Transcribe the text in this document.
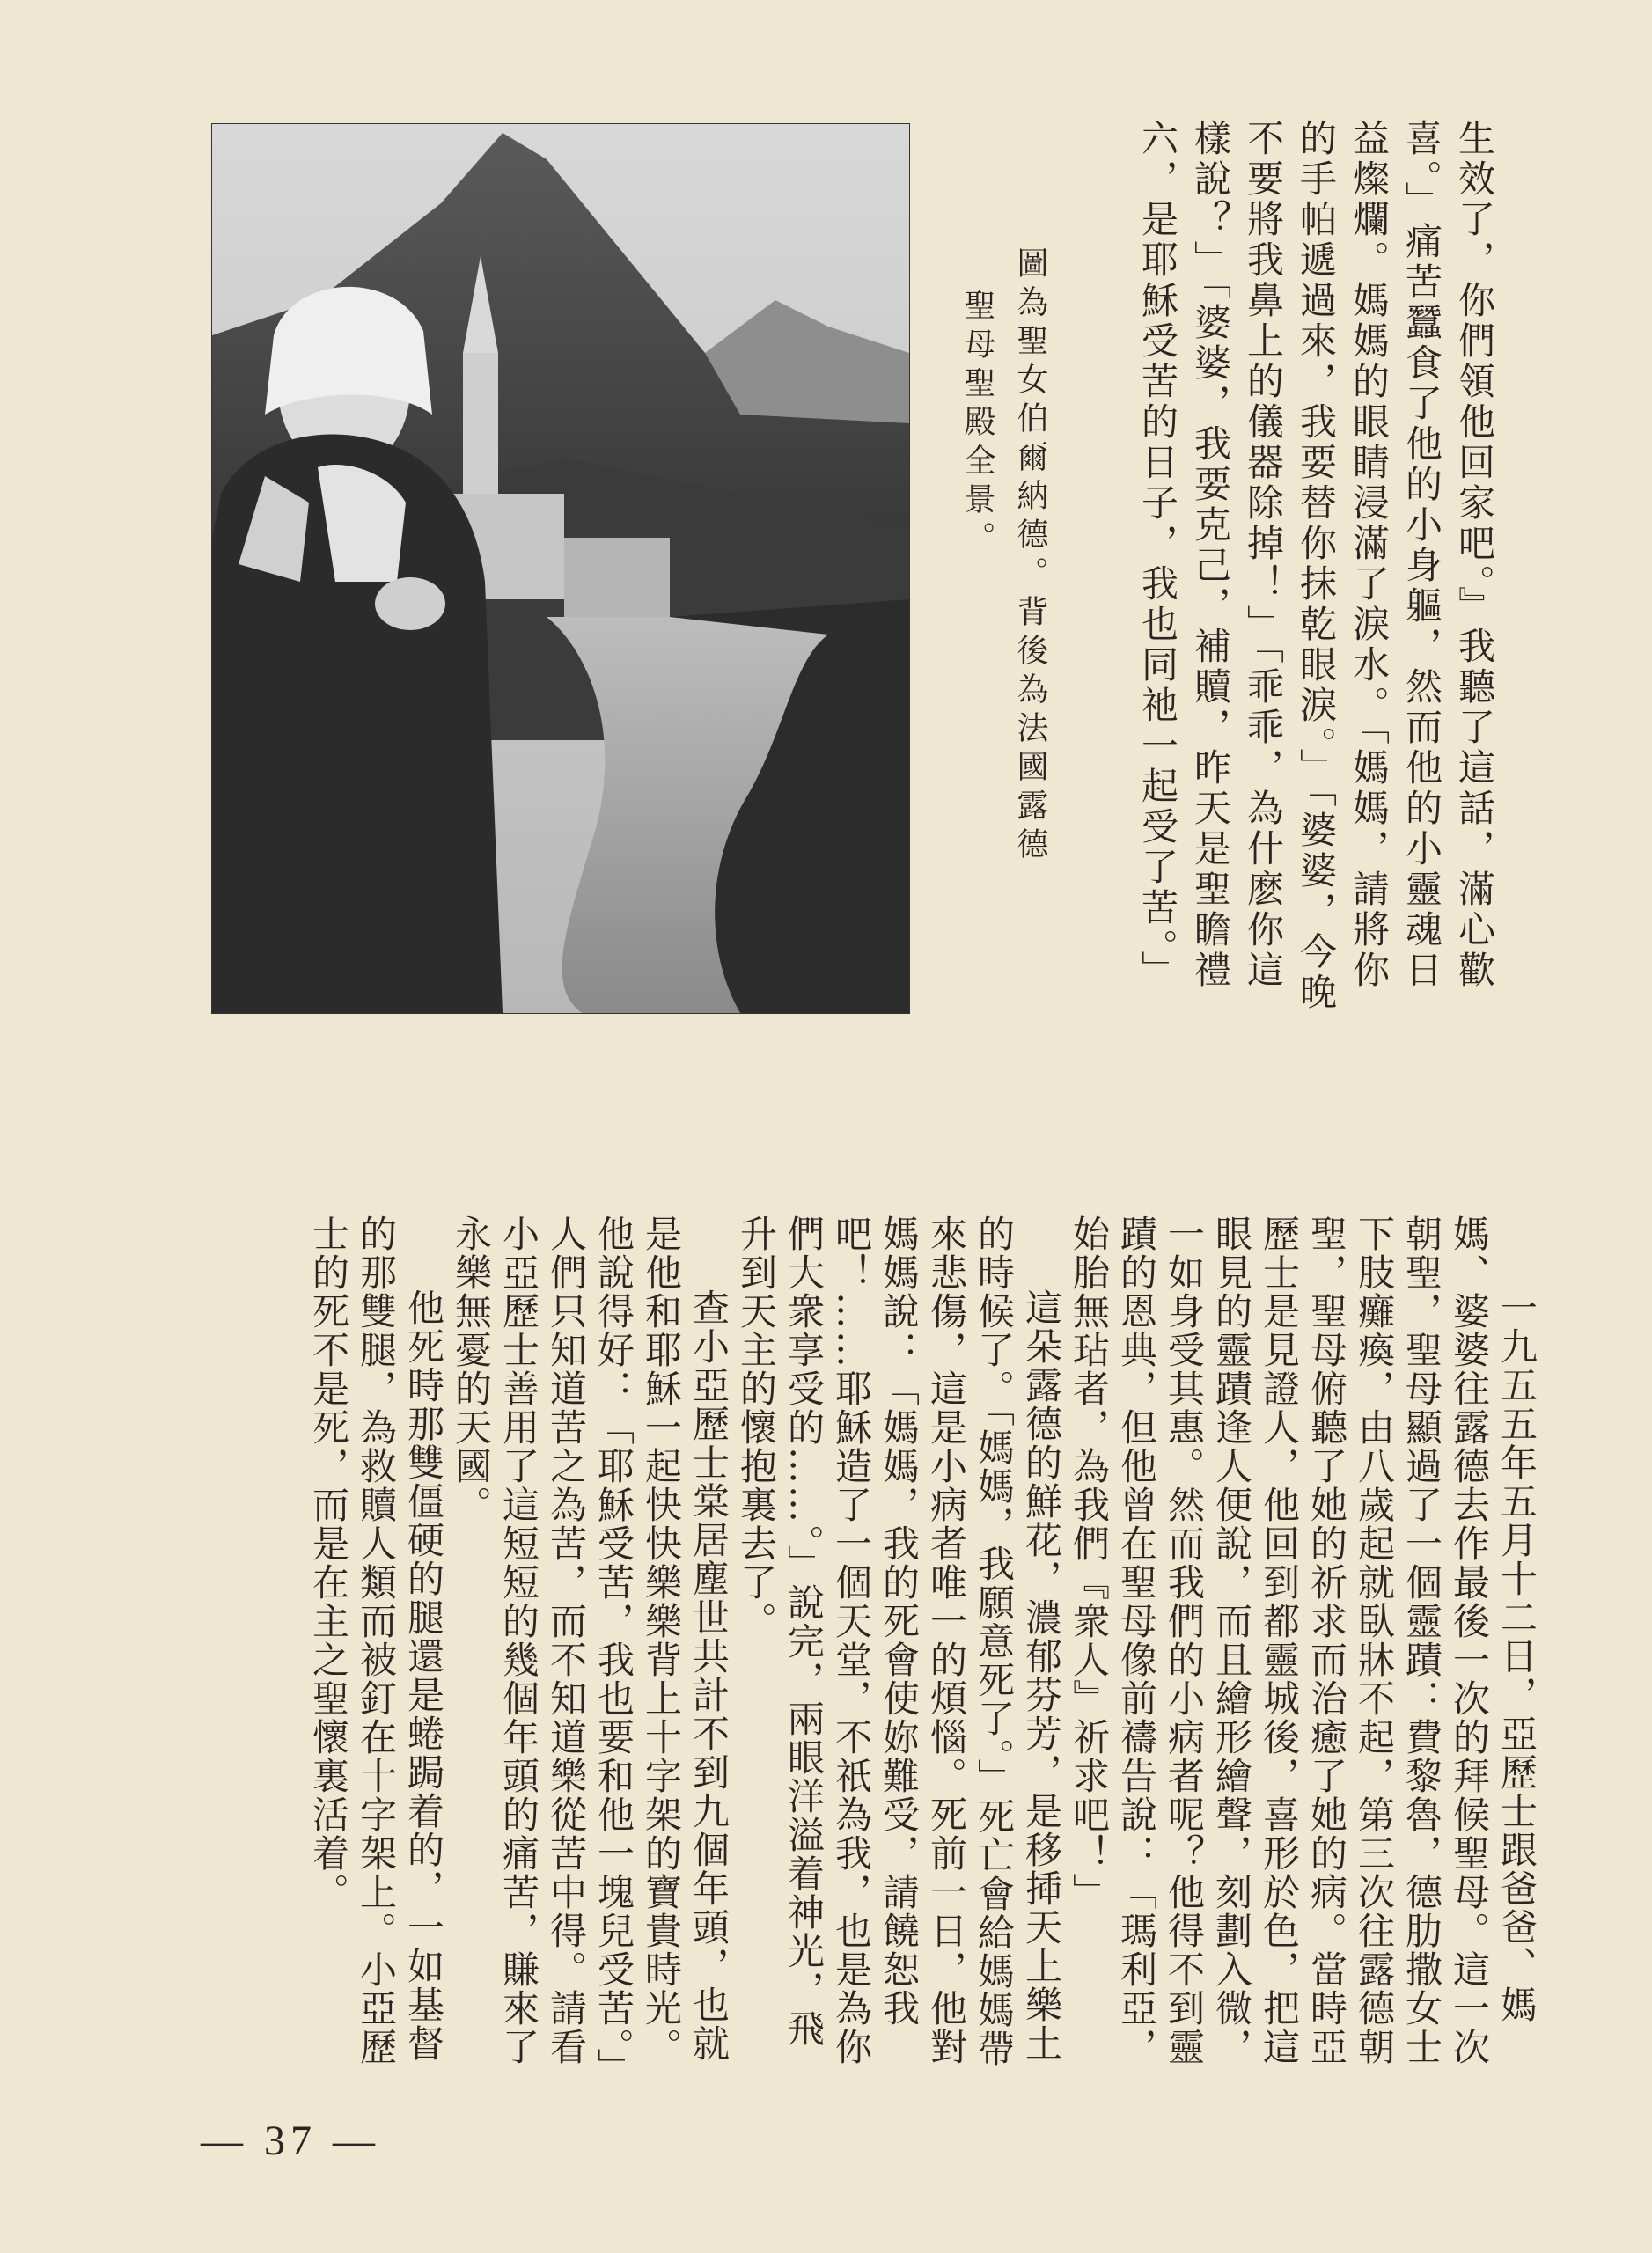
生效了，你們領他回家吧。』我聽了這話，滿心歡喜。」痛苦蠶食了他的小身軀，然而他的小靈魂日益燦爛。媽媽的眼睛浸滿了淚水。「媽媽，請將你的手帕遞過來，我要替你抹乾眼淚。」「婆婆，今晚不要將我鼻上的儀器除掉！」「乖乖，為什麽你這樣說？」「婆婆，我要克己，補贖，昨天是聖瞻禮六，是耶穌受苦的日子，我也同祂一起受了苦。」
圖為聖女伯爾納德。背後為法國露德
聖母聖殿全景。
一九五五年五月十二日，亞歷士跟爸爸、媽媽、婆婆往露德去作最後一次的拜候聖母。這一次朝聖，聖母顯過了一個靈蹟：費黎魯，德肋撒女士下肢癱瘓，由八歲起就臥牀不起，第三次往露德朝聖，聖母俯聽了她的祈求而治癒了她的病。當時亞歷士是見證人，他回到都靈城後，喜形於色，把這眼見的靈蹟逢人便說，而且繪形繪聲，刻劃入微，一如身受其惠。然而我們的小病者呢？他得不到靈蹟的恩典，但他曾在聖母像前禱告說：「瑪利亞，始胎無玷者，為我們『衆人』祈求吧！」
這朵露德的鮮花，濃郁芬芳，是移揷天上樂土的時候了。「媽媽，我願意死了。」死亡會給媽媽帶來悲傷，這是小病者唯一的煩惱。死前一日，他對媽媽說：「媽媽，我的死會使妳難受，請饒恕我吧！……耶穌造了一個天堂，不祇為我，也是為你們大衆享受的……。」說完，兩眼洋溢着神光，飛升到天主的懷抱裏去了。
查小亞歷士棠居塵世共計不到九個年頭，也就是他和耶穌一起快快樂樂背上十字架的寶貴時光。他說得好：「耶穌受苦，我也要和他一塊兒受苦。」人們只知道苦之為苦，而不知道樂從苦中得。請看小亞歷士善用了這短短的幾個年頭的痛苦，賺來了永樂無憂的天國。
他死時那雙僵硬的腿還是蜷跼着的，一如基督的那雙腿，為救贖人類而被釘在十字架上。小亞歷士的死不是死，而是在主之聖懷裏活着。
— 37 —
